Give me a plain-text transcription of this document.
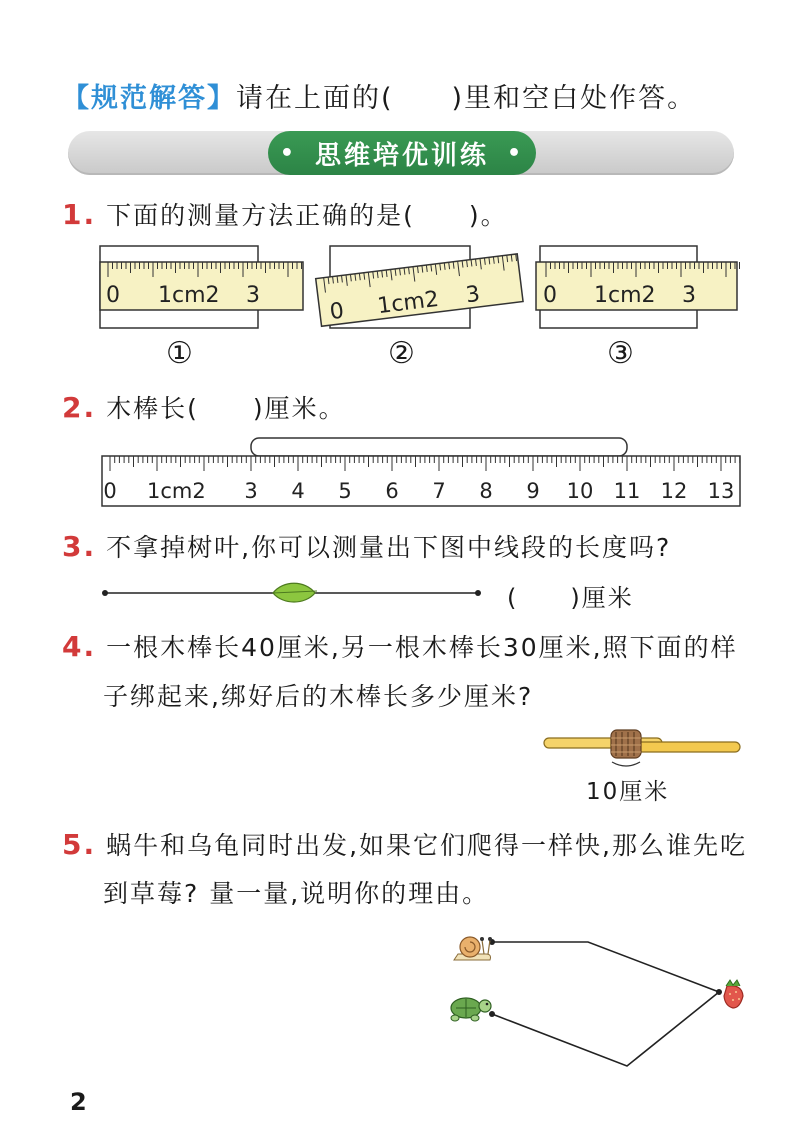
【规范解答】请在上面的(　　)里和空白处作答。
• 思维培优训练 •
1. 下面的测量方法正确的是(　　)。
0 1cm2 3
0 1cm2 3	0 1cm2 3
①	②	③
2. 木棒长(　　)厘米。
0 1cm2 3 4 5 6 7 8 9 10 11 12 13
3. 不拿掉树叶,你可以测量出下图中线段的长度吗?
(　　)厘米
4. 一根木棒长40厘米,另一根木棒长30厘米,照下面的样
子绑起来,绑好后的木棒长多少厘米?
10厘米
5. 蜗牛和乌龟同时出发,如果它们爬得一样快,那么谁先吃
到草莓? 量一量,说明你的理由。
2
